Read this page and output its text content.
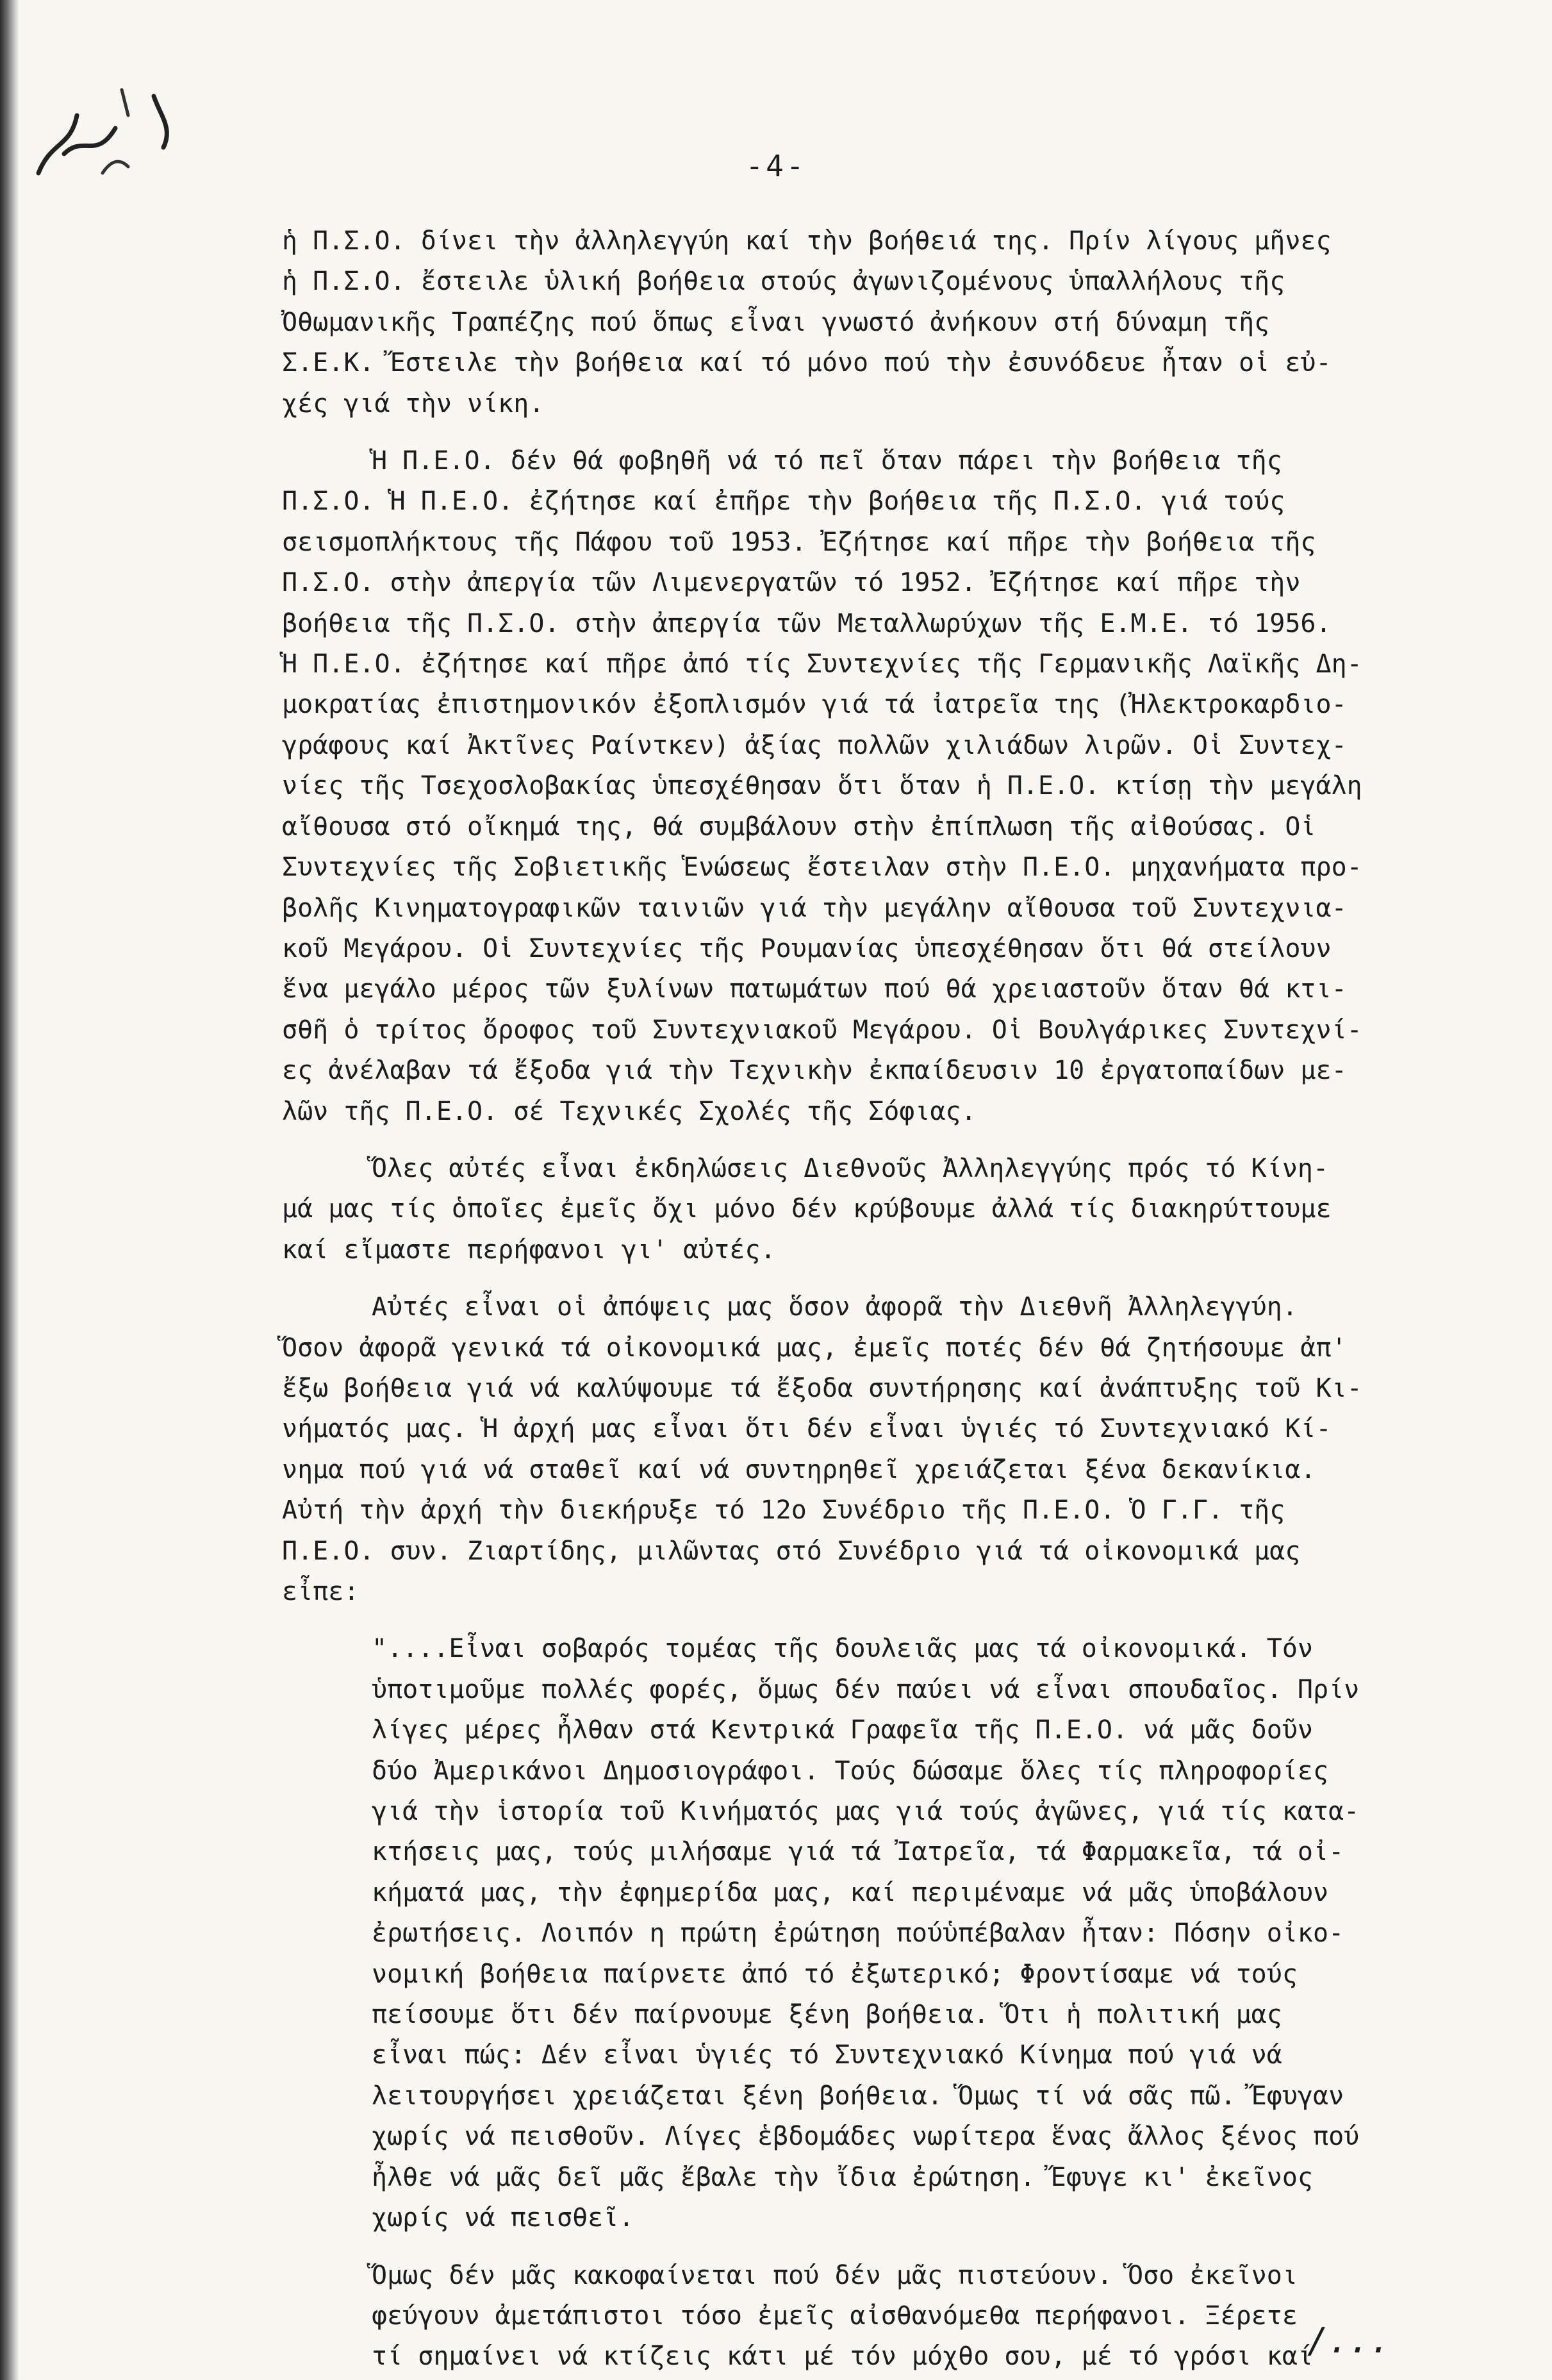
-4-
ἡ Π.Σ.Ο. δίνει τὴν ἀλληλεγγύη καί τὴν βοήθειά της. Πρίν λίγους μῆνες
ἡ Π.Σ.Ο. ἔστειλε ὑλική βοήθεια στούς ἀγωνιζομένους ὑπαλλήλους τῆς
Ὀθωμανικῆς Τραπέζης πού ὅπως εἶναι γνωστό ἀνήκουν στή δύναμη τῆς
Σ.Ε.Κ. Ἔστειλε τὴν βοήθεια καί τό μόνο πού τὴν ἐσυνόδευε ἦταν οἱ εὐ-
χές γιά τὴν νίκη.
Ἡ Π.Ε.Ο. δέν θά φοβηθῆ νά τό πεῖ ὅταν πάρει τὴν βοήθεια τῆς
Π.Σ.Ο. Ἡ Π.Ε.Ο. ἐζήτησε καί ἐπῆρε τὴν βοήθεια τῆς Π.Σ.Ο. γιά τούς
σεισμοπλήκτους τῆς Πάφου τοῦ 1953. Ἐζήτησε καί πῆρε τὴν βοήθεια τῆς
Π.Σ.Ο. στὴν ἀπεργία τῶν Λιμενεργατῶν τό 1952. Ἐζήτησε καί πῆρε τὴν
βοήθεια τῆς Π.Σ.Ο. στὴν ἀπεργία τῶν Μεταλλωρύχων τῆς Ε.Μ.Ε. τό 1956.
Ἡ Π.Ε.Ο. ἐζήτησε καί πῆρε ἀπό τίς Συντεχνίες τῆς Γερμανικῆς Λαϊκῆς Δη-
μοκρατίας ἐπιστημονικόν ἐξοπλισμόν γιά τά ἰατρεῖα της (Ἠλεκτροκαρδιο-
γράφους καί Ἀκτῖνες Ραίντκεν) ἀξίας πολλῶν χιλιάδων λιρῶν. Οἱ Συντεχ-
νίες τῆς Τσεχοσλοβακίας ὑπεσχέθησαν ὅτι ὅταν ἡ Π.Ε.Ο. κτίσῃ τὴν μεγάλη
αἴθουσα στό οἴκημά της, θά συμβάλουν στὴν ἐπίπλωση τῆς αἰθούσας. Οἱ
Συντεχνίες τῆς Σοβιετικῆς Ἑνώσεως ἔστειλαν στὴν Π.Ε.Ο. μηχανήματα προ-
βολῆς Κινηματογραφικῶν ταινιῶν γιά τὴν μεγάλην αἴθουσα τοῦ Συντεχνια-
κοῦ Μεγάρου. Οἱ Συντεχνίες τῆς Ρουμανίας ὑπεσχέθησαν ὅτι θά στείλουν
ἕνα μεγάλο μέρος τῶν ξυλίνων πατωμάτων πού θά χρειαστοῦν ὅταν θά κτι-
σθῆ ὁ τρίτος ὄροφος τοῦ Συντεχνιακοῦ Μεγάρου. Οἱ Βουλγάρικες Συντεχνί-
ες ἀνέλαβαν τά ἔξοδα γιά τὴν Τεχνικὴν ἐκπαίδευσιν 10 ἐργατοπαίδων με-
λῶν τῆς Π.Ε.Ο. σέ Τεχνικές Σχολές τῆς Σόφιας.
Ὅλες αὐτές εἶναι ἐκδηλώσεις Διεθνοῦς Ἀλληλεγγύης πρός τό Κίνη-
μά μας τίς ὁποῖες ἐμεῖς ὄχι μόνο δέν κρύβουμε ἀλλά τίς διακηρύττουμε
καί εἴμαστε περήφανοι γι' αὐτές.
Αὐτές εἶναι οἱ ἀπόψεις μας ὅσον ἀφορᾶ τὴν Διεθνῆ Ἀλληλεγγύη.
Ὅσον ἀφορᾶ γενικά τά οἰκονομικά μας, ἐμεῖς ποτές δέν θά ζητήσουμε ἀπ'
ἔξω βοήθεια γιά νά καλύψουμε τά ἔξοδα συντήρησης καί ἀνάπτυξης τοῦ Κι-
νήματός μας. Ἡ ἀρχή μας εἶναι ὅτι δέν εἶναι ὑγιές τό Συντεχνιακό Κί-
νημα πού γιά νά σταθεῖ καί νά συντηρηθεῖ χρειάζεται ξένα δεκανίκια.
Αὐτή τὴν ἀρχή τὴν διεκήρυξε τό 12ο Συνέδριο τῆς Π.Ε.Ο. Ὁ Γ.Γ. τῆς
Π.Ε.Ο. συν. Ζιαρτίδης, μιλῶντας στό Συνέδριο γιά τά οἰκονομικά μας
εἶπε:
"....Εἶναι σοβαρός τομέας τῆς δουλειᾶς μας τά οἰκονομικά. Τόν
ὑποτιμοῦμε πολλές φορές, ὅμως δέν παύει νά εἶναι σπουδαῖος. Πρίν
λίγες μέρες ἦλθαν στά Κεντρικά Γραφεῖα τῆς Π.Ε.Ο. νά μᾶς δοῦν
δύο Ἀμερικάνοι Δημοσιογράφοι. Τούς δώσαμε ὅλες τίς πληροφορίες
γιά τὴν ἱστορία τοῦ Κινήματός μας γιά τούς ἀγῶνες, γιά τίς κατα-
κτήσεις μας, τούς μιλήσαμε γιά τά Ἰατρεῖα, τά Φαρμακεῖα, τά οἰ-
κήματά μας, τὴν ἐφημερίδα μας, καί περιμέναμε νά μᾶς ὑποβάλουν
ἐρωτήσεις. Λοιπόν η πρώτη ἐρώτηση πούὑπέβαλαν ἦταν: Πόσην οἰκο-
νομική βοήθεια παίρνετε ἀπό τό ἐξωτερικό; Φροντίσαμε νά τούς
πείσουμε ὅτι δέν παίρνουμε ξένη βοήθεια. Ὅτι ἡ πολιτική μας
εἶναι πώς: Δέν εἶναι ὑγιές τό Συντεχνιακό Κίνημα πού γιά νά
λειτουργήσει χρειάζεται ξένη βοήθεια. Ὅμως τί νά σᾶς πῶ. Ἔφυγαν
χωρίς νά πεισθοῦν. Λίγες ἑβδομάδες νωρίτερα ἕνας ἄλλος ξένος πού
ἦλθε νά μᾶς δεῖ μᾶς ἔβαλε τὴν ἴδια ἐρώτηση. Ἔφυγε κι' ἐκεῖνος
χωρίς νά πεισθεῖ.
Ὅμως δέν μᾶς κακοφαίνεται πού δέν μᾶς πιστεύουν. Ὅσο ἐκεῖνοι
φεύγουν ἀμετάπιστοι τόσο ἐμεῖς αἰσθανόμεθα περήφανοι. Ξέρετε
τί σημαίνει νά κτίζεις κάτι μέ τόν μόχθο σου, μέ τό γρόσι καί
/...
